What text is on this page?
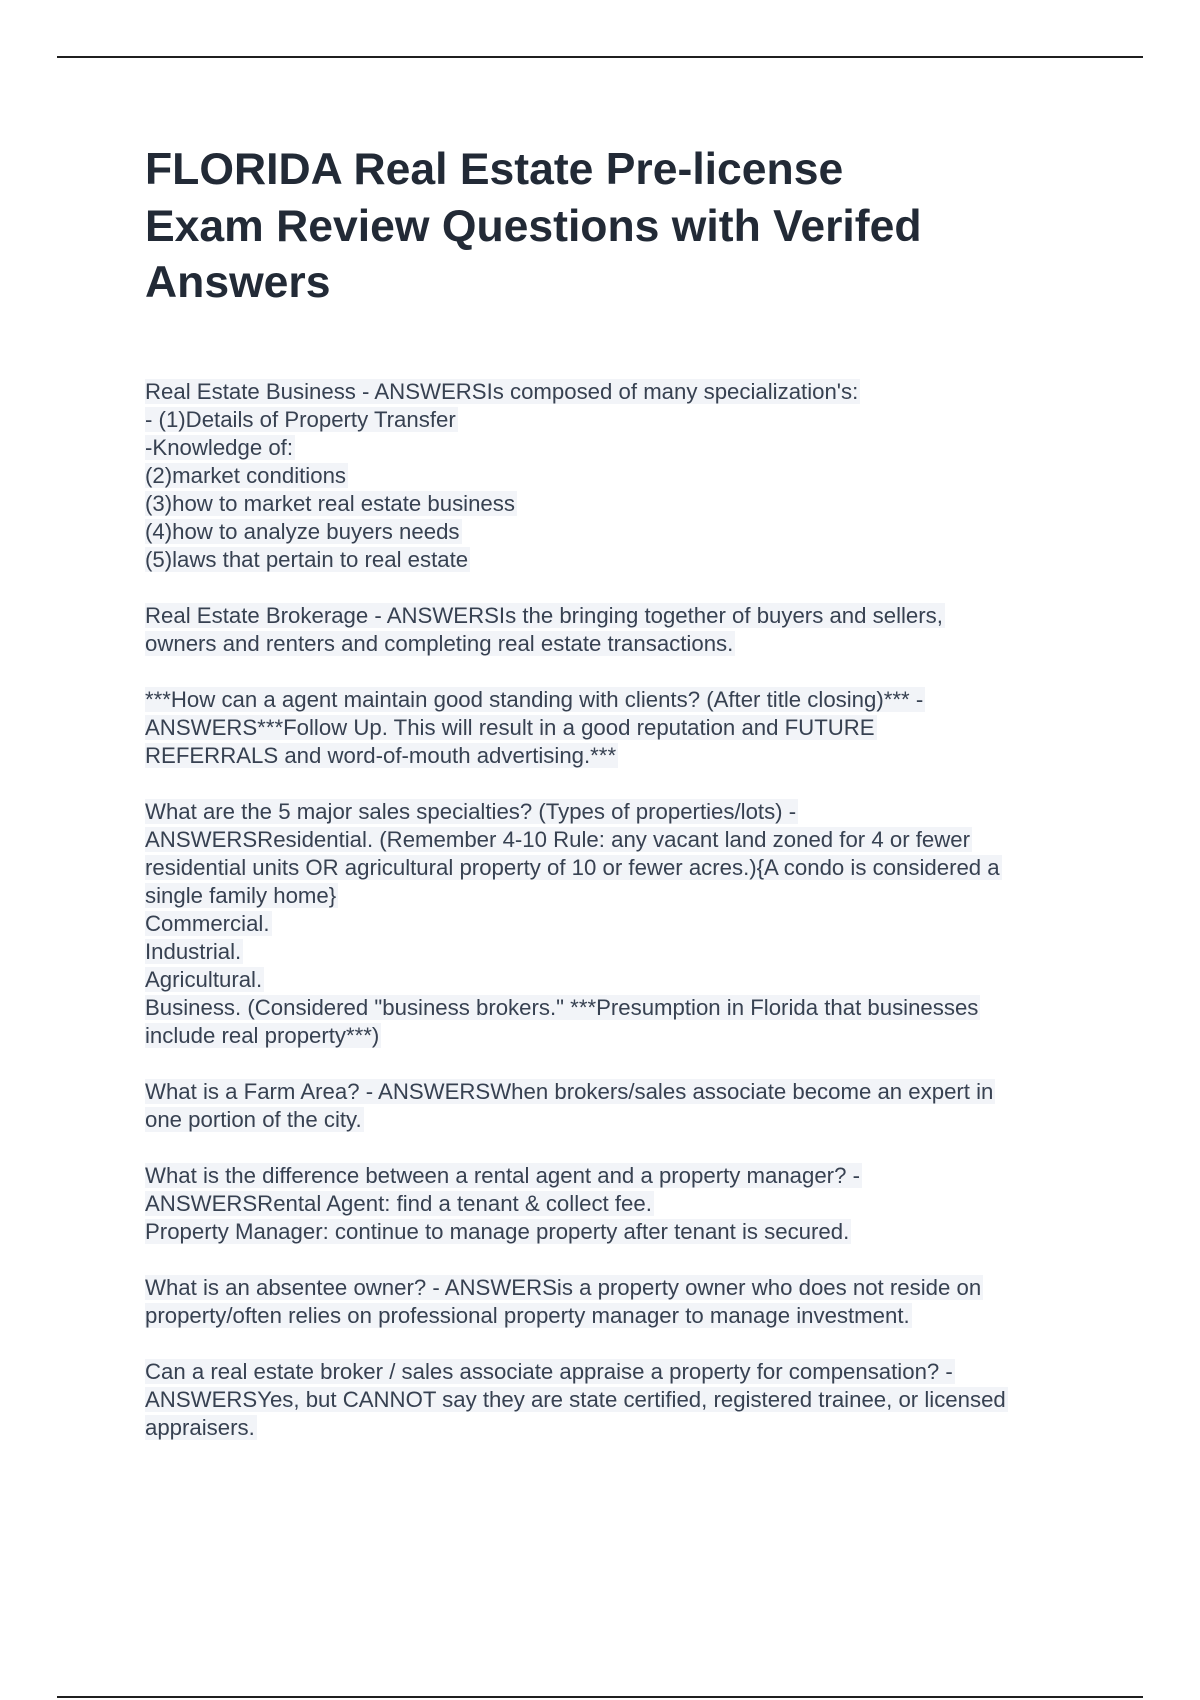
FLORIDA Real Estate Pre-license
Exam Review Questions with Verifed
Answers
Real Estate Business - ANSWERSIs composed of many specialization's:
- (1)Details of Property Transfer
-Knowledge of:
(2)market conditions
(3)how to market real estate business
(4)how to analyze buyers needs
(5)laws that pertain to real estate
Real Estate Brokerage - ANSWERSIs the bringing together of buyers and sellers,
owners and renters and completing real estate transactions.
***How can a agent maintain good standing with clients? (After title closing)*** -
ANSWERS***Follow Up. This will result in a good reputation and FUTURE
REFERRALS and word-of-mouth advertising.***
What are the 5 major sales specialties? (Types of properties/lots) -
ANSWERSResidential. (Remember 4-10 Rule: any vacant land zoned for 4 or fewer
residential units OR agricultural property of 10 or fewer acres.){A condo is considered a
single family home}
Commercial.
Industrial.
Agricultural.
Business. (Considered "business brokers." ***Presumption in Florida that businesses
include real property***)
What is a Farm Area? - ANSWERSWhen brokers/sales associate become an expert in
one portion of the city.
What is the difference between a rental agent and a property manager? -
ANSWERSRental Agent: find a tenant & collect fee.
Property Manager: continue to manage property after tenant is secured.
What is an absentee owner? - ANSWERSis a property owner who does not reside on
property/often relies on professional property manager to manage investment.
Can a real estate broker / sales associate appraise a property for compensation? -
ANSWERSYes, but CANNOT say they are state certified, registered trainee, or licensed
appraisers.
